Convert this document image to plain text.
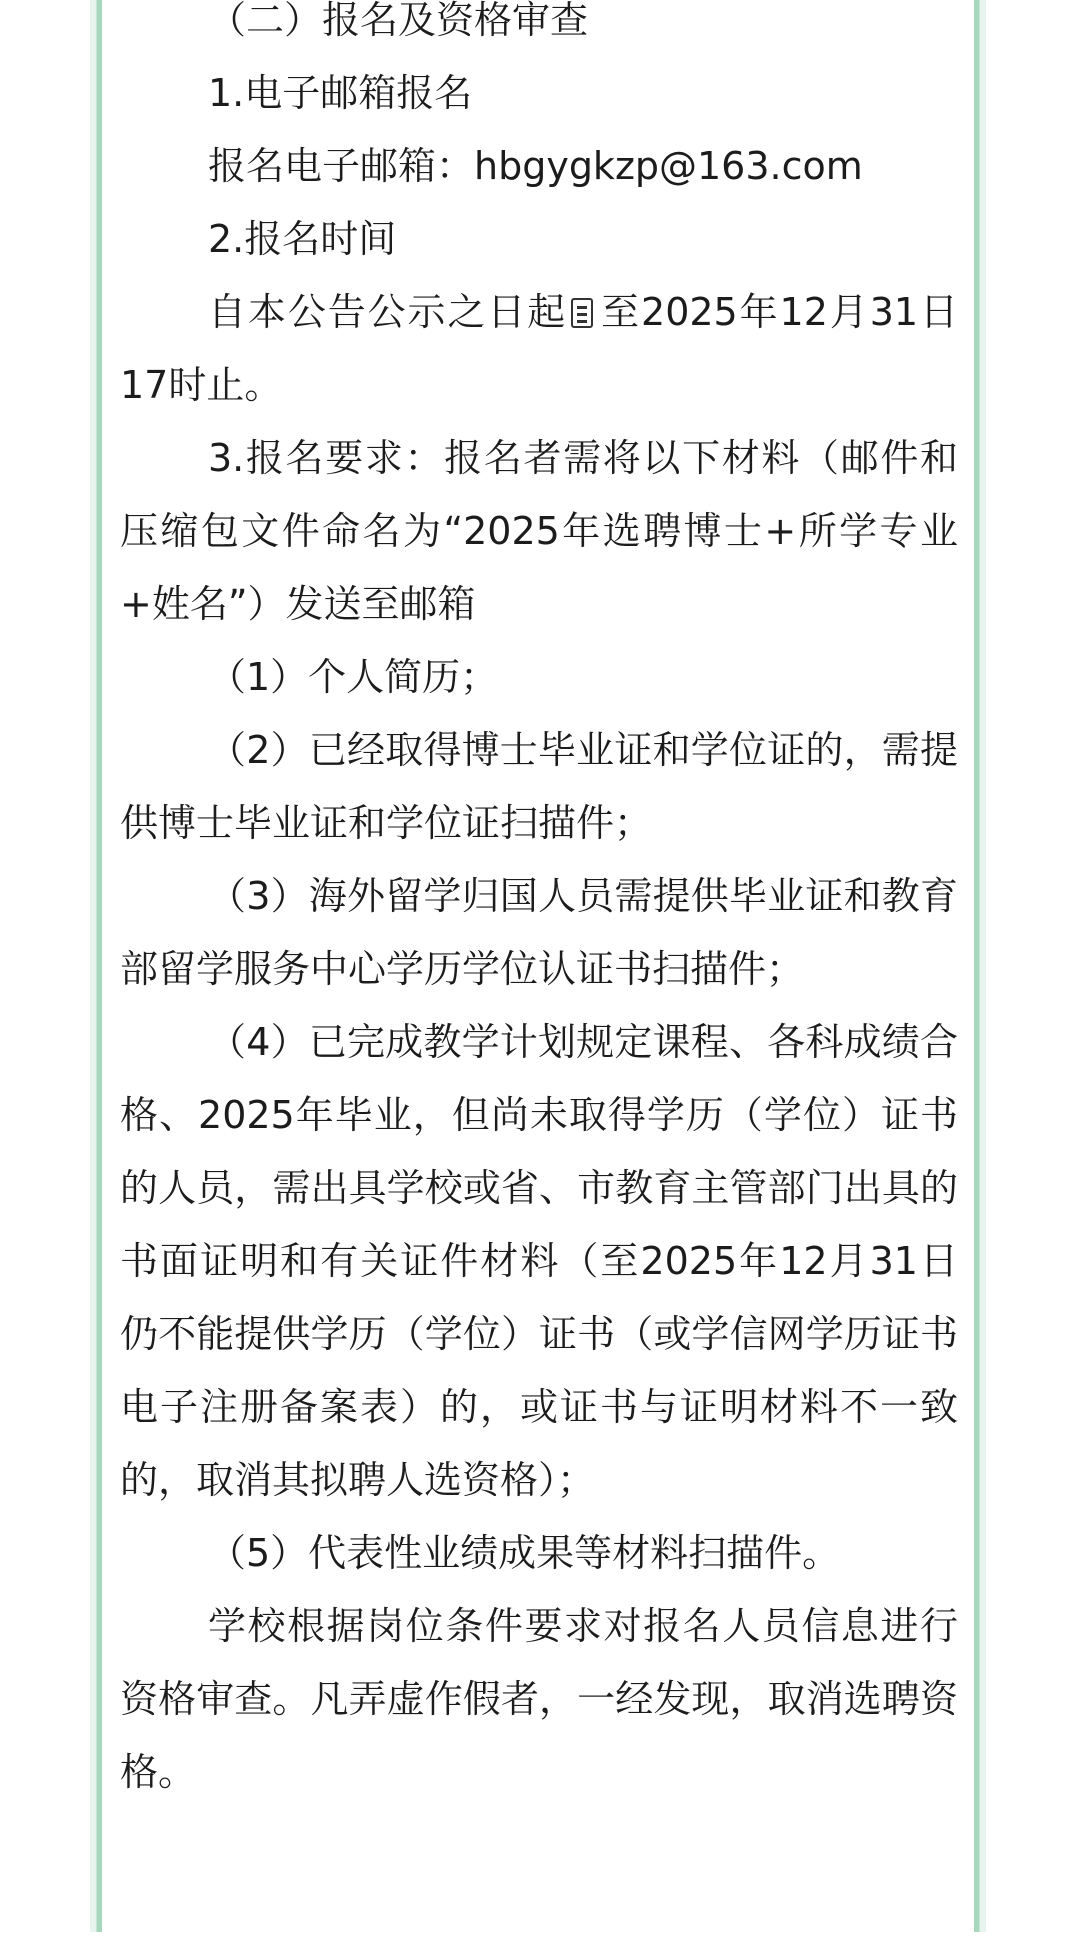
（二）报名及资格审查

1.电子邮箱报名

报名电子邮箱：hbgygkzp@163.com

2.报名时间

自本公告公示之日起 至2025年12月31日17时止。

3.报名要求：报名者需将以下材料（邮件和压缩包文件命名为“2025年选聘博士+所学专业+姓名”）发送至邮箱

（1）个人简历；

（2）已经取得博士毕业证和学位证的，需提供博士毕业证和学位证扫描件；

（3）海外留学归国人员需提供毕业证和教育部留学服务中心学历学位认证书扫描件；

（4）已完成教学计划规定课程、各科成绩合格、2025年毕业，但尚未取得学历（学位）证书的人员，需出具学校或省、市教育主管部门出具的书面证明和有关证件材料（至2025年12月31日仍不能提供学历（学位）证书（或学信网学历证书电子注册备案表）的，或证书与证明材料不一致的，取消其拟聘人选资格）；

（5）代表性业绩成果等材料扫描件。

学校根据岗位条件要求对报名人员信息进行资格审查。凡弄虚作假者，一经发现，取消选聘资格。
